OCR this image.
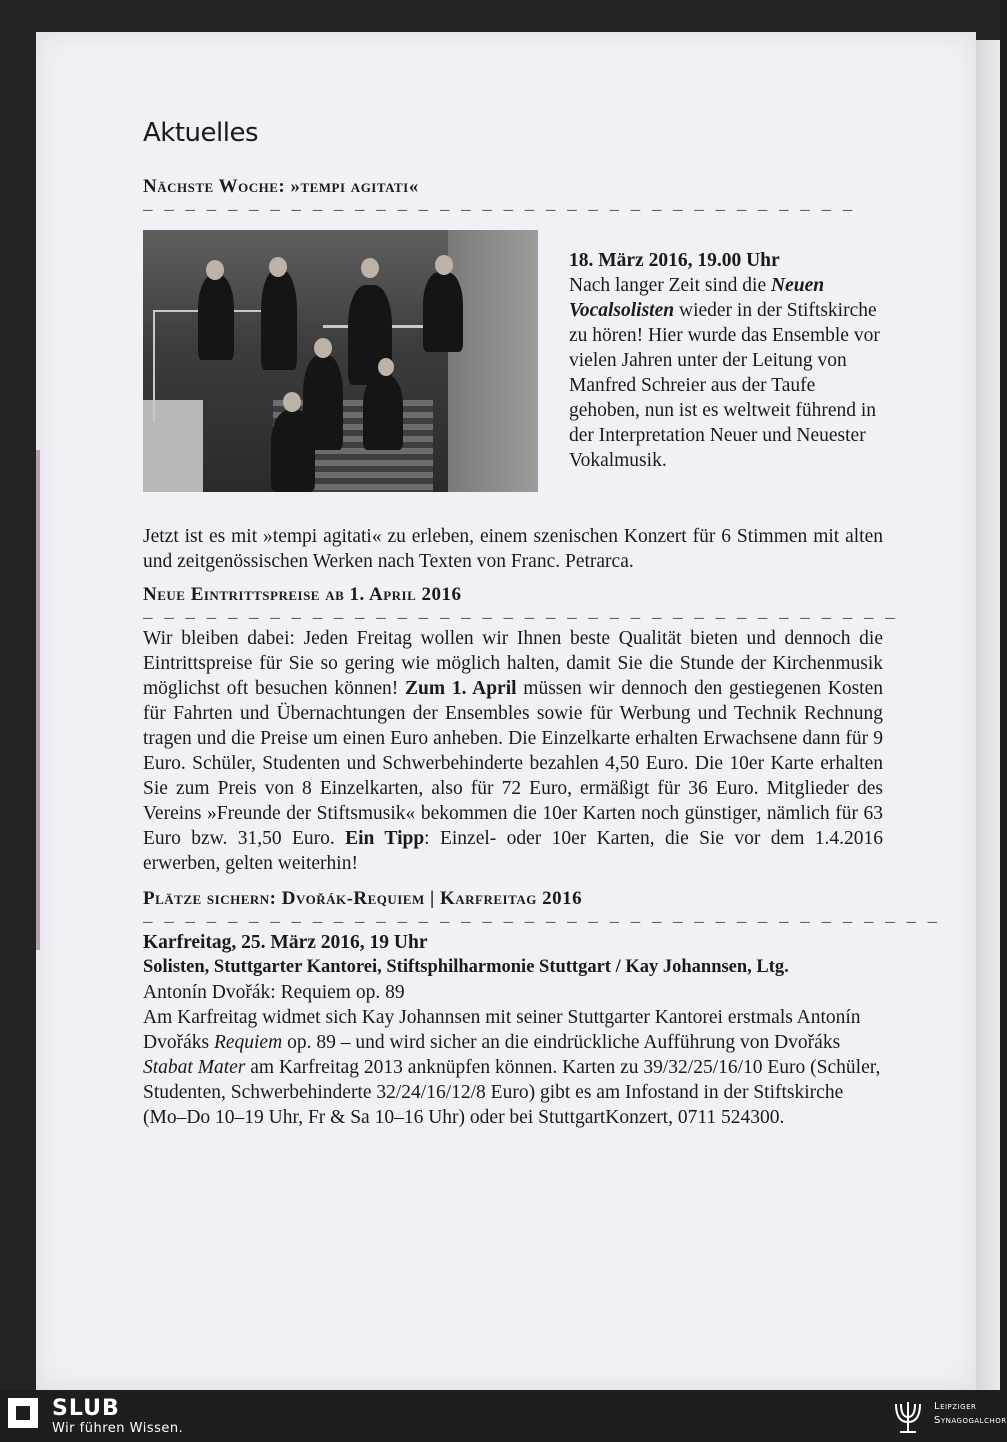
Aktuelles
Nächste Woche: »tempi agitati«
_ _ _ _ _ _ _ _ _ _ _ _ _ _ _ _ _ _ _ _ _ _ _ _ _ _ _ _ _ _ _ _ _ _

18. März 2016, 19.00 Uhr

Nach langer Zeit sind die Neuen Vocalsolisten wieder in der Stiftskirche zu hören! Hier wurde das Ensemble vor vielen Jahren unter der Leitung von Manfred Schreier aus der Taufe gehoben, nun ist es weltweit führend in der Interpretation Neuer und Neuester Vokalmusik.

Jetzt ist es mit »tempi agitati« zu erleben, einem szenischen Konzert für 6 Stimmen mit alten und zeitgenössischen Werken nach Texten von Franc. Petrarca.

Neue Eintrittspreise ab 1. April 2016
_ _ _ _ _ _ _ _ _ _ _ _ _ _ _ _ _ _ _ _ _ _ _ _ _ _ _ _ _ _ _ _ _ _ _ _

Wir bleiben dabei: Jeden Freitag wollen wir Ihnen beste Qualität bieten und dennoch die Eintrittspreise für Sie so gering wie möglich halten, damit Sie die Stunde der Kirchenmusik möglichst oft besuchen können! Zum 1. April müssen wir dennoch den gestiegenen Kosten für Fahrten und Übernachtungen der Ensembles sowie für Werbung und Technik Rechnung tragen und die Preise um einen Euro anheben. Die Einzelkarte erhalten Erwachsene dann für 9 Euro. Schüler, Studenten und Schwerbehinderte bezahlen 4,50 Euro. Die 10er Karte erhalten Sie zum Preis von 8 Einzelkarten, also für 72 Euro, ermäßigt für 36 Euro. Mitglieder des Vereins »Freunde der Stiftsmusik« bekommen die 10er Karten noch günstiger, nämlich für 63 Euro bzw. 31,50 Euro. Ein Tipp: Einzel- oder 10er Karten, die Sie vor dem 1.4.2016 erwerben, gelten weiterhin!

Plätze sichern: Dvořák-Requiem | Karfreitag 2016
_ _ _ _ _ _ _ _ _ _ _ _ _ _ _ _ _ _ _ _ _ _ _ _ _ _ _ _ _ _ _ _ _ _ _ _ _ _

Karfreitag, 25. März 2016, 19 Uhr

Solisten, Stuttgarter Kantorei, Stiftsphilharmonie Stuttgart / Kay Johannsen, Ltg.

Antonín Dvořák: Requiem op. 89

Am Karfreitag widmet sich Kay Johannsen mit seiner Stuttgarter Kantorei erstmals Antonín Dvořáks Requiem op. 89 – und wird sicher an die eindrückliche Aufführung von Dvořáks Stabat Mater am Karfreitag 2013 anknüpfen können. Karten zu 39/32/25/16/10 Euro (Schüler, Studenten, Schwerbehinderte 32/24/16/12/8 Euro) gibt es am Infostand in der Stiftskirche (Mo–Do 10–19 Uhr, Fr & Sa 10–16 Uhr) oder bei StuttgartKonzert, 0711 524300.

SLUB
Wir führen Wissen.
Leipziger
Synagogalchor
